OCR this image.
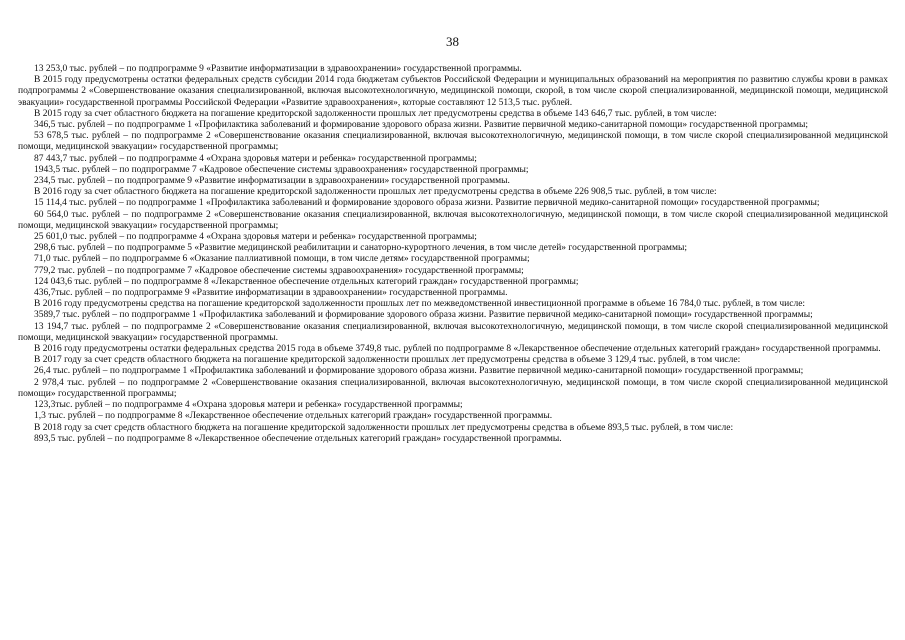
38

13 253,0 тыс. рублей – по подпрограмме 9 «Развитие информатизации в здравоохранении» государственной программы.

В 2015 году предусмотрены остатки федеральных средств субсидии 2014 года бюджетам субъектов Российской Федерации и муниципальных образований на мероприятия по развитию службы крови в рамках подпрограммы 2 «Совершенствование оказания специализированной, включая высокотехнологичную, медицинской помощи, скорой, в том числе скорой специализированной, медицинской помощи, медицинской эвакуации» государственной программы Российской Федерации «Развитие здравоохранения», которые составляют 12 513,5 тыс. рублей.

В 2015 году за счет областного бюджета на погашение кредиторской задолженности прошлых лет предусмотрены средства в объеме 143 646,7 тыс. рублей, в том числе:

346,5 тыс. рублей – по подпрограмме 1 «Профилактика заболеваний и формирование здорового образа жизни. Развитие первичной медико-санитарной помощи» государственной программы;

53 678,5 тыс. рублей – по подпрограмме 2 «Совершенствование оказания специализированной, включая высокотехнологичную, медицинской помощи, в том числе скорой специализированной медицинской помощи, медицинской эвакуации» государственной программы;

87 443,7 тыс. рублей – по подпрограмме 4 «Охрана здоровья матери и ребенка» государственной программы;

1943,5 тыс. рублей – по подпрограмме 7 «Кадровое обеспечение системы здравоохранения» государственной программы;

234,5 тыс. рублей – по подпрограмме 9 «Развитие информатизации в здравоохранении» государственной программы.

В 2016 году за счет областного бюджета на погашение кредиторской задолженности прошлых лет предусмотрены средства в объеме 226 908,5 тыс. рублей, в том числе:

15 114,4 тыс. рублей – по подпрограмме 1 «Профилактика заболеваний и формирование здорового образа жизни. Развитие первичной медико-санитарной помощи» государственной программы;

60 564,0 тыс. рублей – по подпрограмме 2 «Совершенствование оказания специализированной, включая высокотехнологичную, медицинской помощи, в том числе скорой специализированной медицинской помощи, медицинской эвакуации» государственной программы;

25 601,0 тыс. рублей – по подпрограмме 4 «Охрана здоровья матери и ребенка» государственной программы;

298,6 тыс. рублей – по подпрограмме 5 «Развитие медицинской реабилитации и санаторно-курортного лечения, в том числе детей» государственной программы;

71,0 тыс. рублей – по подпрограмме 6 «Оказание паллиативной помощи, в том числе детям» государственной программы;

779,2 тыс. рублей – по подпрограмме 7 «Кадровое обеспечение системы здравоохранения» государственной программы;

124 043,6 тыс. рублей – по подпрограмме 8 «Лекарственное обеспечение отдельных категорий граждан» государственной программы;

436,7тыс. рублей – по подпрограмме 9 «Развитие информатизации в здравоохранении» государственной программы.

В 2016 году предусмотрены средства на погашение кредиторской задолженности прошлых лет по межведомственной инвестиционной программе в объеме 16 784,0 тыс. рублей, в том числе:

3589,7 тыс. рублей – по подпрограмме 1 «Профилактика заболеваний и формирование здорового образа жизни. Развитие первичной медико-санитарной помощи» государственной программы;

13 194,7 тыс. рублей – по подпрограмме 2 «Совершенствование оказания специализированной, включая высокотехнологичную, медицинской помощи, в том числе скорой специализированной медицинской помощи, медицинской эвакуации» государственной программы.

В 2016 году предусмотрены остатки федеральных средства 2015 года в объеме 3749,8 тыс. рублей по подпрограмме 8 «Лекарственное обеспечение отдельных категорий граждан» государственной программы.

В 2017 году за счет средств областного бюджета на погашение кредиторской задолженности прошлых лет предусмотрены средства в объеме 3 129,4 тыс. рублей, в том числе:

26,4 тыс. рублей – по подпрограмме 1 «Профилактика заболеваний и формирование здорового образа жизни. Развитие первичной медико-санитарной помощи» государственной программы;

2 978,4 тыс. рублей – по подпрограмме 2 «Совершенствование оказания специализированной, включая высокотехнологичную, медицинской помощи, в том числе скорой специализированной медицинской помощи» государственной программы;

123,3тыс. рублей – по подпрограмме 4 «Охрана здоровья матери и ребенка» государственной программы;

1,3 тыс. рублей – по подпрограмме 8 «Лекарственное обеспечение отдельных категорий граждан» государственной программы.

В 2018 году за счет средств областного бюджета на погашение кредиторской задолженности прошлых лет предусмотрены средства в объеме 893,5 тыс. рублей, в том числе:

893,5 тыс. рублей – по подпрограмме 8 «Лекарственное обеспечение отдельных категорий граждан» государственной программы.
